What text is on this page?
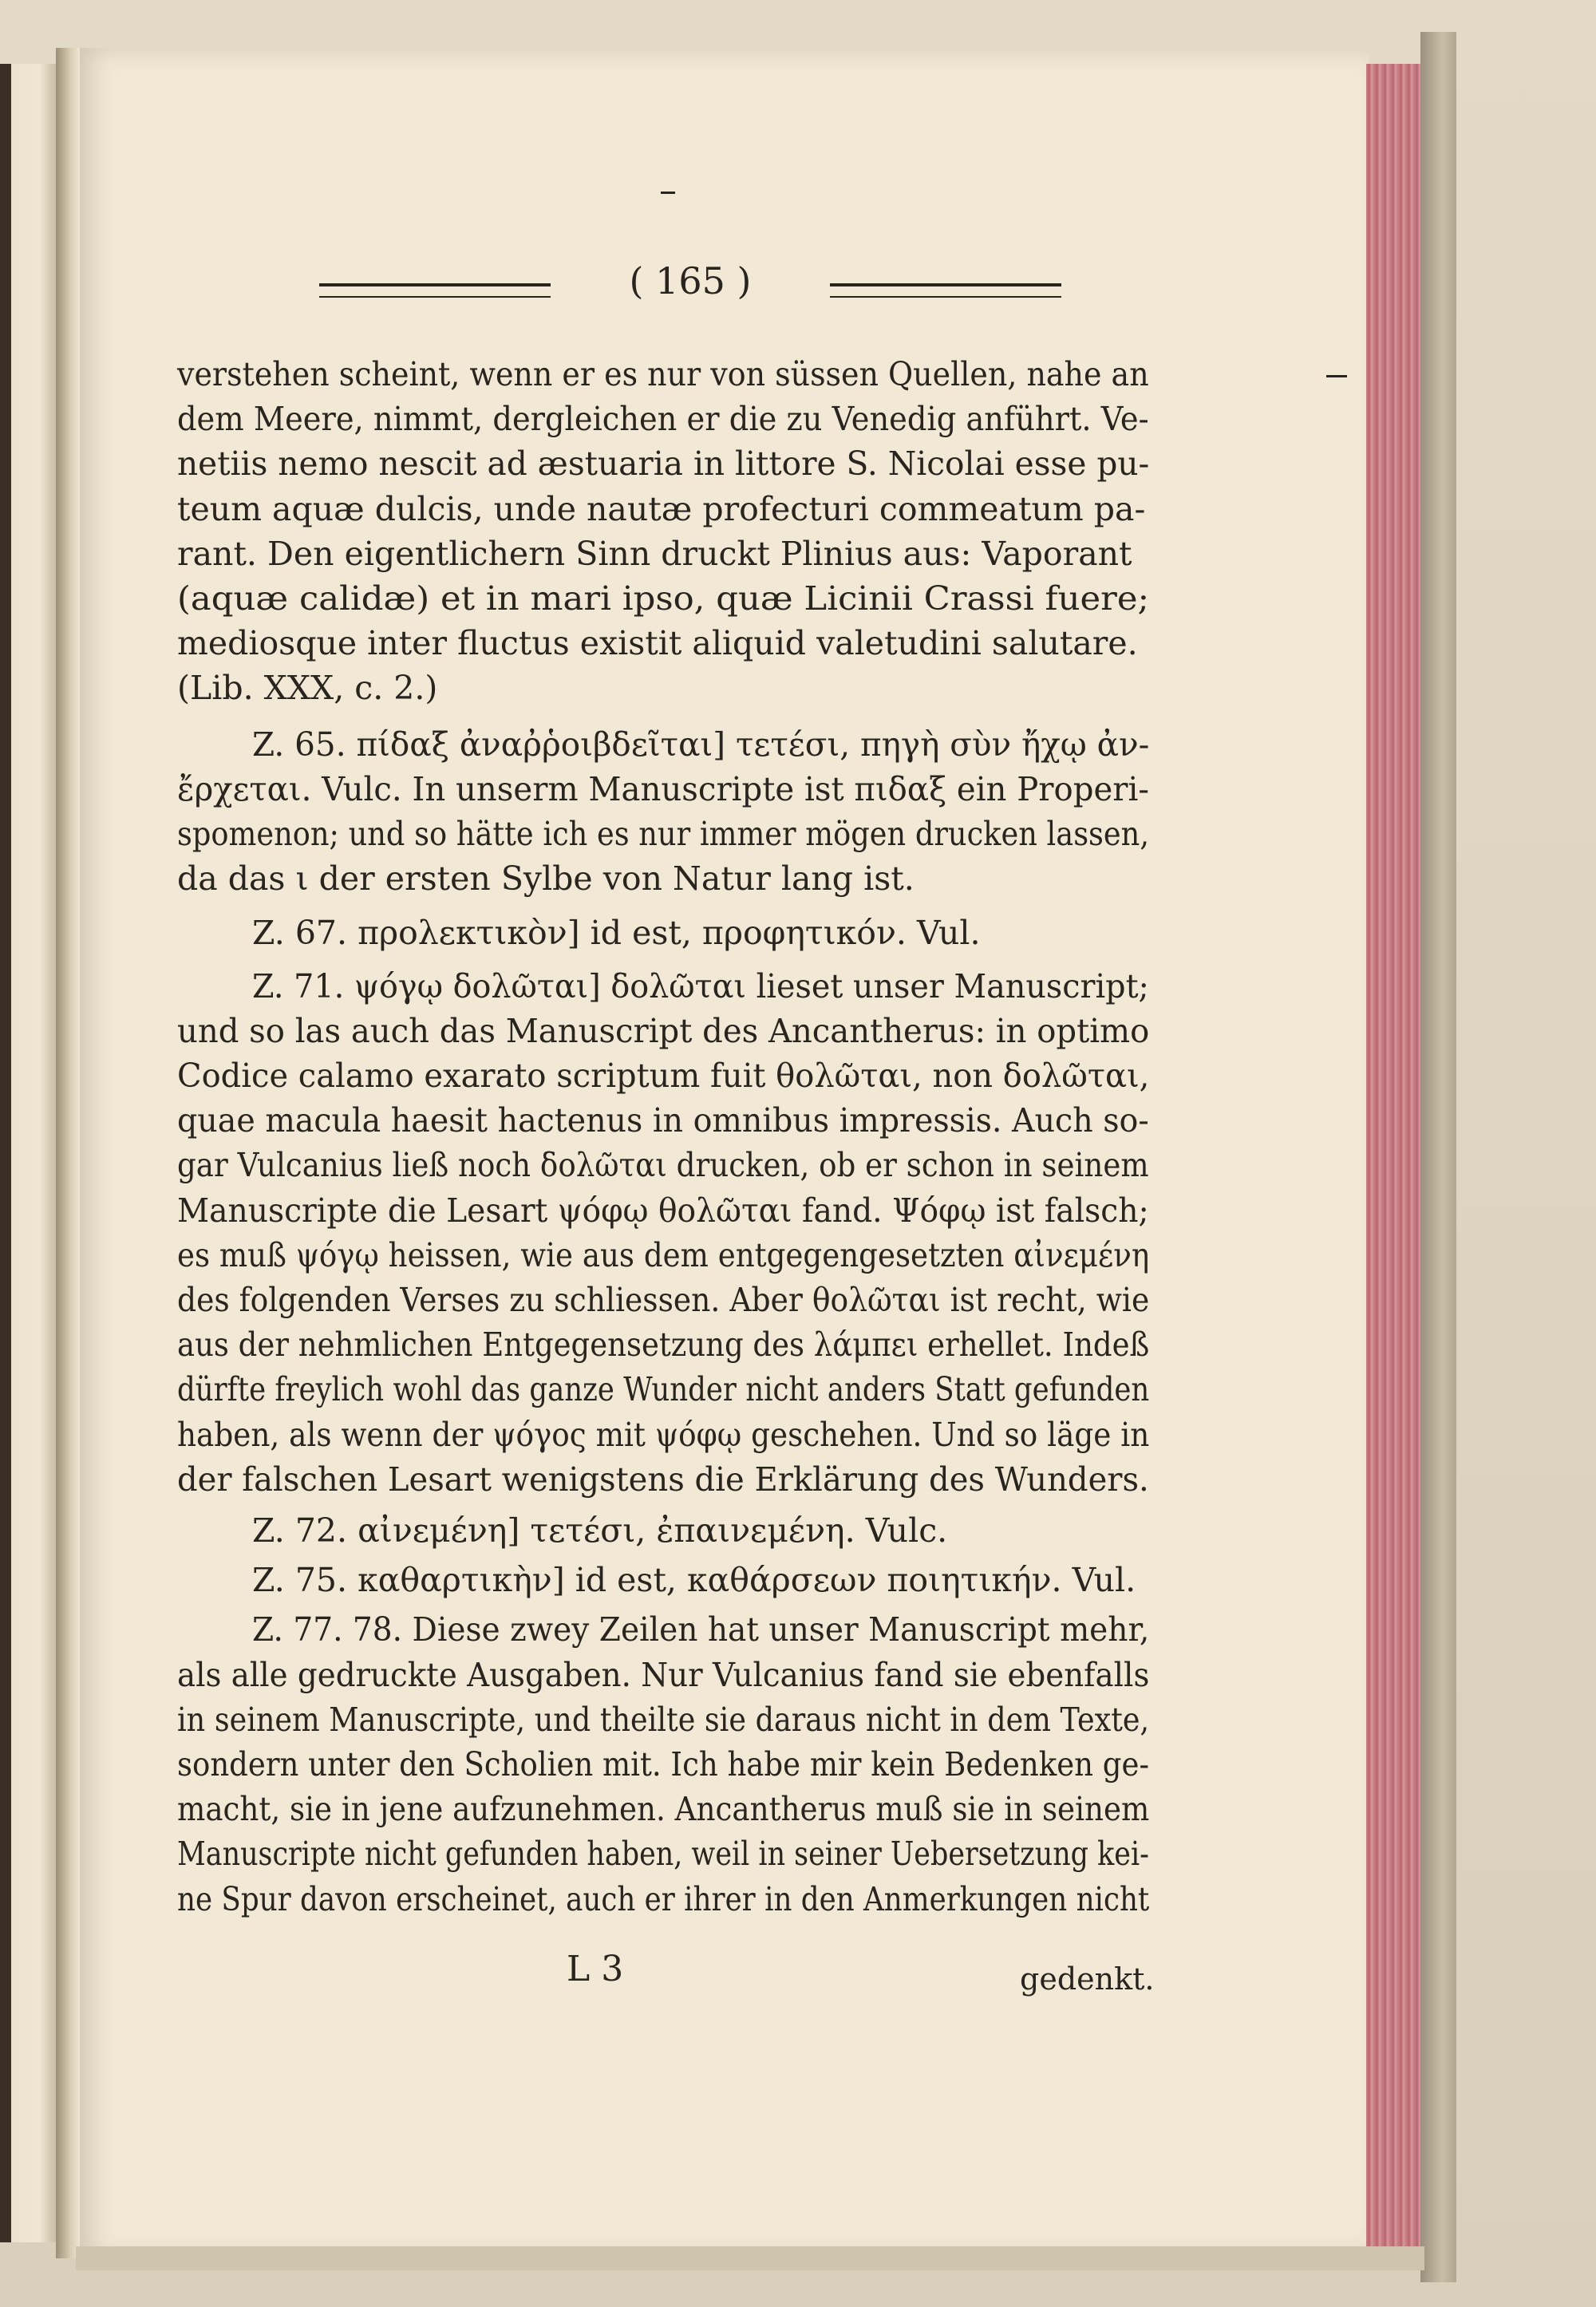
( 165 )
verstehen scheint, wenn er es nur von süssen Quellen, nahe an
dem Meere, nimmt, dergleichen er die zu Venedig anführt. Ve-
netiis nemo nescit ad æstuaria in littore S. Nicolai esse pu-
teum aquæ dulcis, unde nautæ profecturi commeatum pa-
rant. Den eigentlichern Sinn druckt Plinius aus: Vaporant
(aquæ calidæ) et in mari ipso, quæ Licinii Crassi fuere;
mediosque inter fluctus existit aliquid valetudini salutare.
(Lib. XXX, c. 2.)
Z. 65. πίδαξ ἀναῤῥοιβδεῖται] τετέσι, πηγὴ σὺν ἤχῳ ἀν-
ἔρχεται. Vulc. In unserm Manuscripte ist πιδαξ ein Properi-
spomenon; und so hätte ich es nur immer mögen drucken lassen,
da das ι der ersten Sylbe von Natur lang ist.
Z. 67. προλεκτικὸν] id est, προφητικόν. Vul.
Z. 71. ψόγῳ δολῶται] δολῶται lieset unser Manuscript;
und so las auch das Manuscript des Ancantherus: in optimo
Codice calamo exarato scriptum fuit θολῶται, non δολῶται,
quae macula haesit hactenus in omnibus impressis. Auch so-
gar Vulcanius ließ noch δολῶται drucken, ob er schon in seinem
Manuscripte die Lesart ψόφῳ θολῶται fand. Ψόφῳ ist falsch;
es muß ψόγῳ heissen, wie aus dem entgegengesetzten αἰνεμένη
des folgenden Verses zu schliessen. Aber θολῶται ist recht, wie
aus der nehmlichen Entgegensetzung des λάμπει erhellet. Indeß
dürfte freylich wohl das ganze Wunder nicht anders Statt gefunden
haben, als wenn der ψόγος mit ψόφῳ geschehen. Und so läge in
der falschen Lesart wenigstens die Erklärung des Wunders.
Z. 72. αἰνεμένη] τετέσι, ἐπαινεμένη. Vulc.
Z. 75. καθαρτικὴν] id est, καθάρσεων ποιητικήν. Vul.
Z. 77. 78. Diese zwey Zeilen hat unser Manuscript mehr,
als alle gedruckte Ausgaben. Nur Vulcanius fand sie ebenfalls
in seinem Manuscripte, und theilte sie daraus nicht in dem Texte,
sondern unter den Scholien mit. Ich habe mir kein Bedenken ge-
macht, sie in jene aufzunehmen. Ancantherus muß sie in seinem
Manuscripte nicht gefunden haben, weil in seiner Uebersetzung kei-
ne Spur davon erscheinet, auch er ihrer in den Anmerkungen nicht
L 3	gedenkt.
